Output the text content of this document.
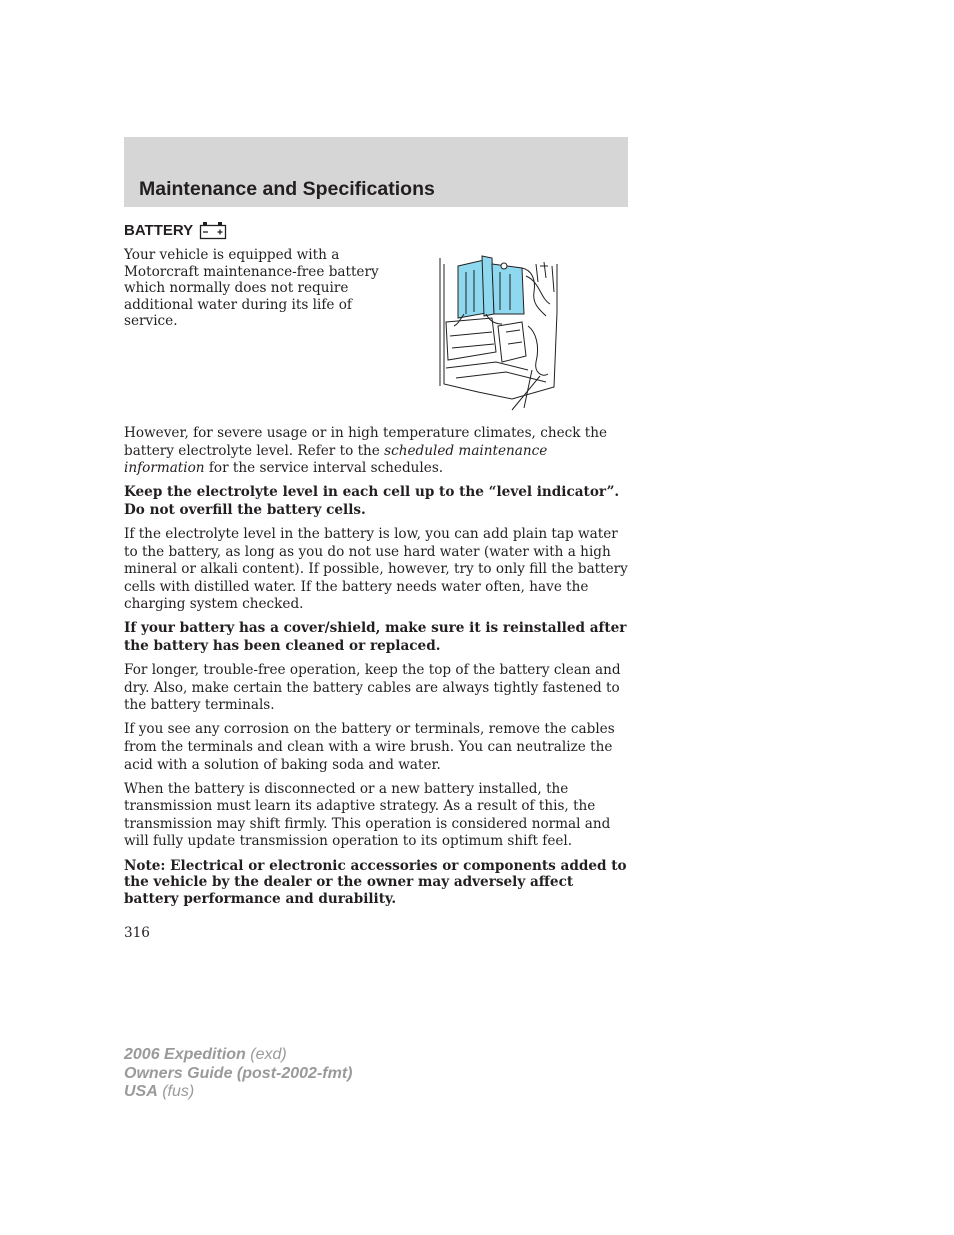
Maintenance and Specifications
BATTERY

Your vehicle is equipped with a Motorcraft maintenance-free battery which normally does not require additional water during its life of service.

However, for severe usage or in high temperature climates, check the battery electrolyte level. Refer to the scheduled maintenance information for the service interval schedules.

Keep the electrolyte level in each cell up to the “level indicator”. Do not overfill the battery cells.

If the electrolyte level in the battery is low, you can add plain tap water to the battery, as long as you do not use hard water (water with a high mineral or alkali content). If possible, however, try to only fill the battery cells with distilled water. If the battery needs water often, have the charging system checked.

If your battery has a cover/shield, make sure it is reinstalled after the battery has been cleaned or replaced.

For longer, trouble-free operation, keep the top of the battery clean and dry. Also, make certain the battery cables are always tightly fastened to the battery terminals.

If you see any corrosion on the battery or terminals, remove the cables from the terminals and clean with a wire brush. You can neutralize the acid with a solution of baking soda and water.

When the battery is disconnected or a new battery installed, the transmission must learn its adaptive strategy. As a result of this, the transmission may shift firmly. This operation is considered normal and will fully update transmission operation to its optimum shift feel.

Note: Electrical or electronic accessories or components added to the vehicle by the dealer or the owner may adversely affect battery performance and durability.

316

2006 Expedition (exd)
Owners Guide (post-2002-fmt)
USA (fus)
